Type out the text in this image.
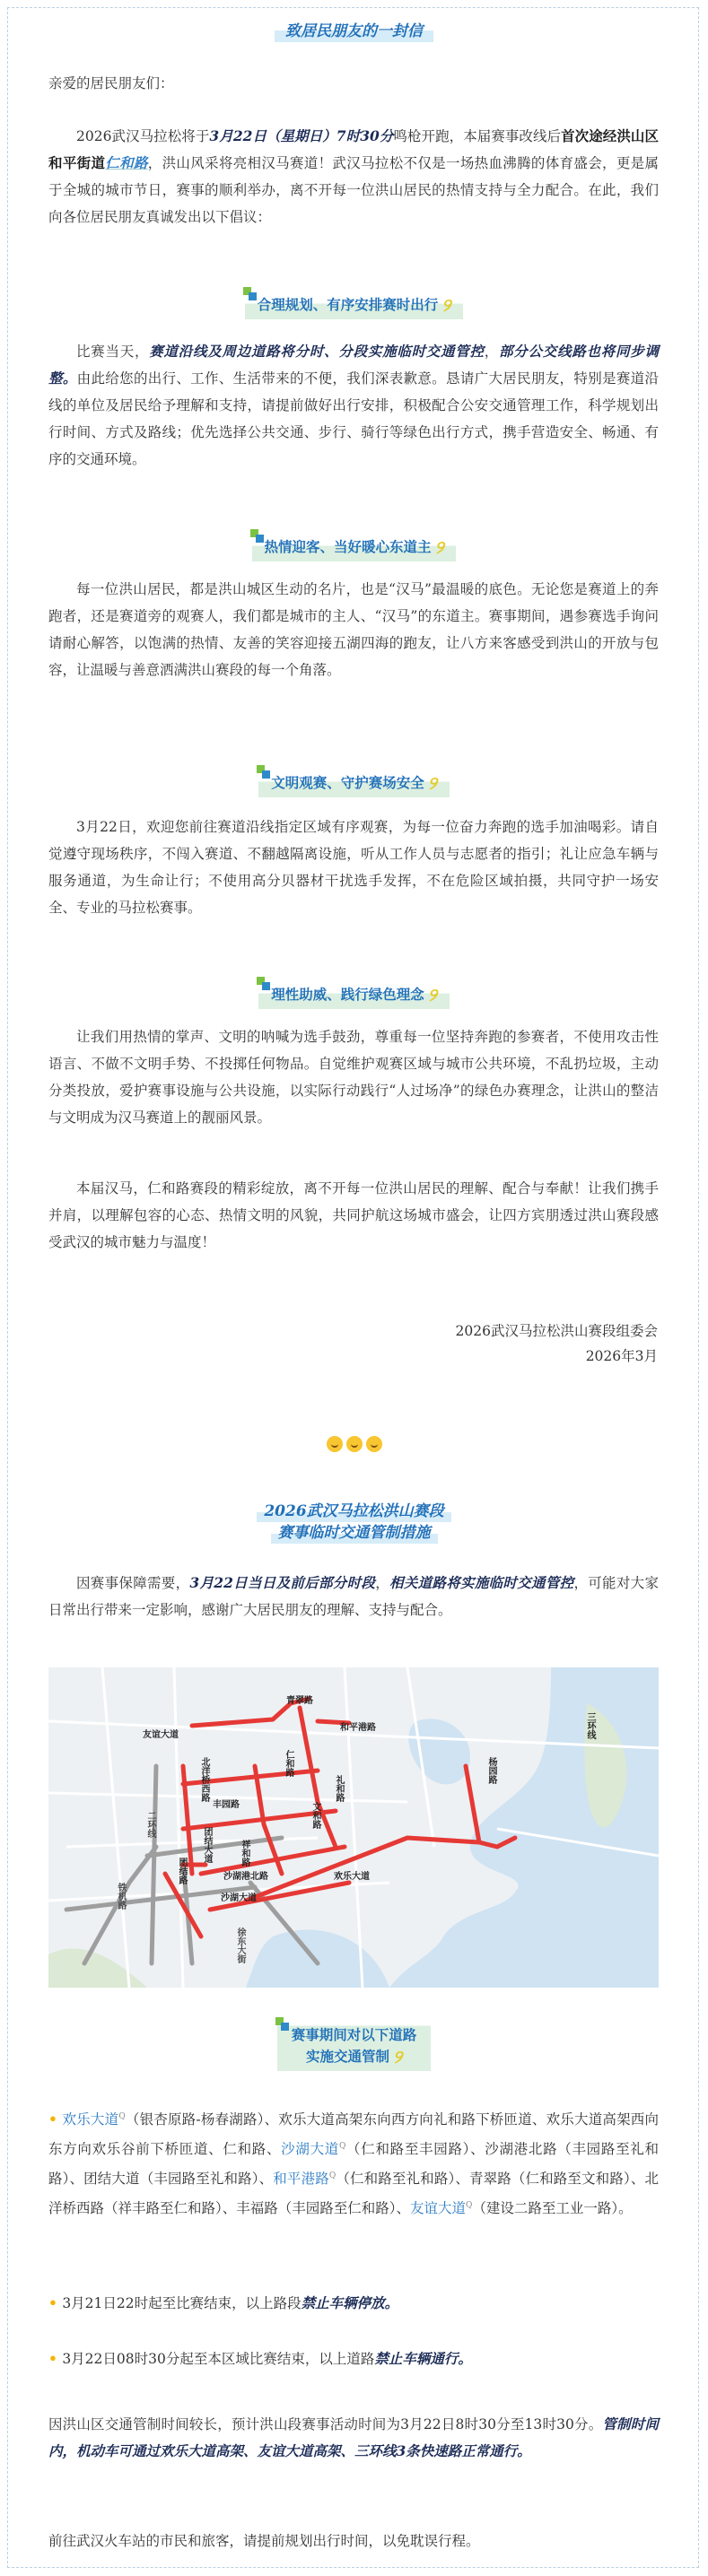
致居民朋友的一封信

亲爱的居民朋友们：

2026武汉马拉松将于3月22日（星期日）7时30分鸣枪开跑，本届赛事改线后首次途经洪山区和平街道仁和路，洪山风采将亮相汉马赛道！武汉马拉松不仅是一场热血沸腾的体育盛会，更是属于全城的城市节日，赛事的顺利举办，离不开每一位洪山居民的热情支持与全力配合。在此，我们向各位居民朋友真诚发出以下倡议：

合理规划、有序安排赛时出行 ୨

比赛当天，赛道沿线及周边道路将分时、分段实施临时交通管控，部分公交线路也将同步调整。由此给您的出行、工作、生活带来的不便，我们深表歉意。恳请广大居民朋友，特别是赛道沿线的单位及居民给予理解和支持，请提前做好出行安排，积极配合公安交通管理工作，科学规划出行时间、方式及路线；优先选择公共交通、步行、骑行等绿色出行方式，携手营造安全、畅通、有序的交通环境。

热情迎客、当好暖心东道主 ୨

每一位洪山居民，都是洪山城区生动的名片，也是“汉马”最温暖的底色。无论您是赛道上的奔跑者，还是赛道旁的观赛人，我们都是城市的主人、“汉马”的东道主。赛事期间，遇参赛选手询问请耐心解答，以饱满的热情、友善的笑容迎接五湖四海的跑友，让八方来客感受到洪山的开放与包容，让温暖与善意洒满洪山赛段的每一个角落。

文明观赛、守护赛场安全 ୨

3月22日，欢迎您前往赛道沿线指定区域有序观赛，为每一位奋力奔跑的选手加油喝彩。请自觉遵守现场秩序，不闯入赛道、不翻越隔离设施，听从工作人员与志愿者的指引；礼让应急车辆与服务通道，为生命让行；不使用高分贝器材干扰选手发挥，不在危险区域拍摄，共同守护一场安全、专业的马拉松赛事。

理性助威、践行绿色理念 ୨

让我们用热情的掌声、文明的呐喊为选手鼓劲，尊重每一位坚持奔跑的参赛者，不使用攻击性语言、不做不文明手势、不投掷任何物品。自觉维护观赛区域与城市公共环境，不乱扔垃圾，主动分类投放，爱护赛事设施与公共设施，以实际行动践行“人过场净”的绿色办赛理念，让洪山的整洁与文明成为汉马赛道上的靓丽风景。

本届汉马，仁和路赛段的精彩绽放，离不开每一位洪山居民的理解、配合与奉献！让我们携手并肩，以理解包容的心态、热情文明的风貌，共同护航这场城市盛会，让四方宾朋透过洪山赛段感受武汉的城市魅力与温度！

2026武汉马拉松洪山赛段组委会
2026年3月
2026武汉马拉松洪山赛段
赛事临时交通管制措施

因赛事保障需要，3月22日当日及前后部分时段，相关道路将实施临时交通管控，可能对大家日常出行带来一定影响，感谢广大居民朋友的理解、支持与配合。

青翠路
和平港路
友谊大道
仁和路
北洋桥西路
丰园路
团结大道	祥和路
礼和路
文和路
沙湖港北路
沙湖大道
团结路	欢乐大道
杨园路
三环线
二环线
铁机路
徐东大街
赛事期间对以下道路
实施交通管制 ୨

• 欢乐大道$^Q$（银杏原路-杨春湖路）、欢乐大道高架东向西方向礼和路下桥匝道、欢乐大道高架西向东方向欢乐谷前下桥匝道、仁和路、沙湖大道$^Q$（仁和路至丰园路）、沙湖港北路（丰园路至礼和路）、团结大道（丰园路至礼和路）、和平港路$^Q$（仁和路至礼和路）、青翠路（仁和路至文和路）、北洋桥西路（祥丰路至仁和路）、丰福路（丰园路至仁和路）、友谊大道$^Q$（建设二路至工业一路）。

• 3月21日22时起至比赛结束，以上路段禁止车辆停放。

• 3月22日08时30分起至本区域比赛结束，以上道路禁止车辆通行。

因洪山区交通管制时间较长，预计洪山段赛事活动时间为3月22日8时30分至13时30分。管制时间内，机动车可通过欢乐大道高架、友谊大道高架、三环线3条快速路正常通行。

前往武汉火车站的市民和旅客，请提前规划出行时间，以免耽误行程。
